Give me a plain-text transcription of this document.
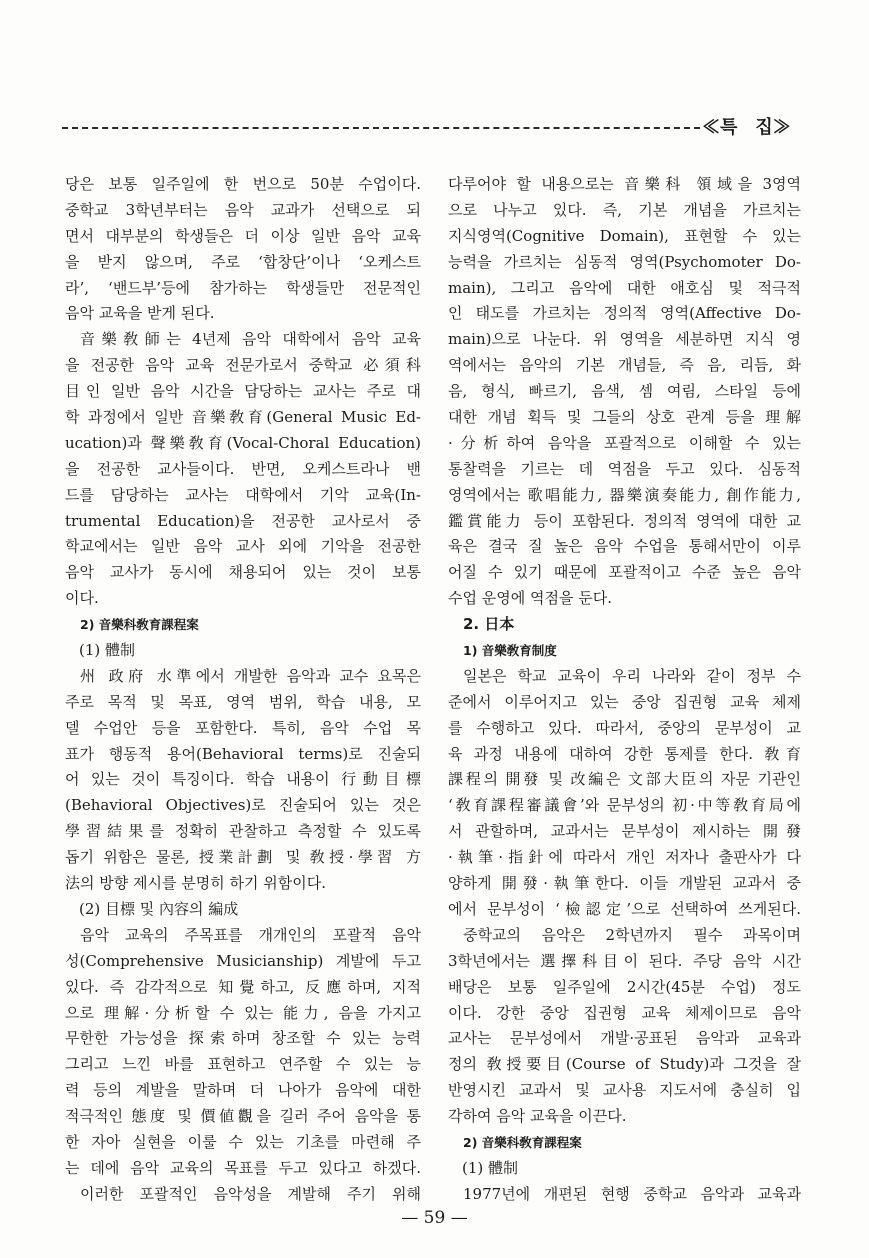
≪특　집≫
당은 보통 일주일에 한 번으로 50분 수업이다.
중학교 3학년부터는 음악 교과가 선택으로 되
면서 대부분의 학생들은 더 이상 일반 음악 교육
을 받지 않으며, 주로 ‘합창단’이나 ‘오케스트
라’, ‘밴드부’등에 참가하는 학생들만 전문적인
음악 교육을 받게 된다.
音樂敎師는 4년제 음악 대학에서 음악 교육
을 전공한 음악 교육 전문가로서 중학교 必須科
目인 일반 음악 시간을 담당하는 교사는 주로 대
학 과정에서 일반 音樂敎育(General Music Ed-
ucation)과 聲樂敎育(Vocal-Choral Education)
을 전공한 교사들이다. 반면, 오케스트라나 밴
드를 담당하는 교사는 대학에서 기악 교육(In-
trumental Education)을 전공한 교사로서 중
학교에서는 일반 음악 교사 외에 기악을 전공한
음악 교사가 동시에 채용되어 있는 것이 보통
이다.
2) 音樂科敎育課程案
(1) 體制
州 政府 水準에서 개발한 음악과 교수 요목은
주로 목적 및 목표, 영역 범위, 학습 내용, 모
델 수업안 등을 포함한다. 특히, 음악 수업 목
표가 행동적 용어(Behavioral terms)로 진술되
어 있는 것이 특징이다. 학습 내용이 行動目標
(Behavioral Objectives)로 진술되어 있는 것은
學習結果를 정확히 관찰하고 측정할 수 있도록
돕기 위함은 물론, 授業計劃 및 敎授·學習 方
法의 방향 제시를 분명히 하기 위함이다.
(2) 目標 및 內容의 編成
음악 교육의 주목표를 개개인의 포괄적 음악
성(Comprehensive Musicianship) 계발에 두고
있다. 즉 감각적으로 知覺하고, 反應하며, 지적
으로 理解·分析할 수 있는 能力, 음을 가지고
무한한 가능성을 探索하며 창조할 수 있는 능력
그리고 느낀 바를 표현하고 연주할 수 있는 능
력 등의 계발을 말하며 더 나아가 음악에 대한
적극적인 態度 및 價値觀을 길러 주어 음악을 통
한 자아 실현을 이룰 수 있는 기초를 마련해 주
는 데에 음악 교육의 목표를 두고 있다고 하겠다.
이러한 포괄적인 음악성을 계발해 주기 위해
다루어야 할 내용으로는 音樂科 領域을 3영역
으로 나누고 있다. 즉, 기본 개념을 가르치는
지식영역(Cognitive Domain), 표현할 수 있는
능력을 가르치는 심동적 영역(Psychomoter Do-
main), 그리고 음악에 대한 애호심 및 적극적
인 태도를 가르치는 정의적 영역(Affective Do-
main)으로 나눈다. 위 영역을 세분하면 지식 영
역에서는 음악의 기본 개념들, 즉 음, 리듬, 화
음, 형식, 빠르기, 음색, 셈 여림, 스타일 등에
대한 개념 획득 및 그들의 상호 관계 등을 理解
·分析하여 음악을 포괄적으로 이해할 수 있는
통찰력을 기르는 데 역점을 두고 있다. 심동적
영역에서는 歌唱能力, 器樂演奏能力, 創作能力,
鑑賞能力 등이 포함된다. 정의적 영역에 대한 교
육은 결국 질 높은 음악 수업을 통해서만이 이루
어질 수 있기 때문에 포괄적이고 수준 높은 음악
수업 운영에 역점을 둔다.
2. 日本
1) 音樂敎育制度
일본은 학교 교육이 우리 나라와 같이 정부 수
준에서 이루어지고 있는 중앙 집권형 교육 체제
를 수행하고 있다. 따라서, 중앙의 문부성이 교
육 과정 내용에 대하여 강한 통제를 한다. 敎育
課程의 開發 및 改編은 文部大臣의 자문 기관인
‘敎育課程審議會’와 문부성의 初·中等敎育局에
서 관할하며, 교과서는 문부성이 제시하는 開發
·執筆·指針에 따라서 개인 저자나 출판사가 다
양하게 開發·執筆한다. 이들 개발된 교과서 중
에서 문부성이 ‘檢認定’으로 선택하여 쓰게된다.
중학교의 음악은 2학년까지 필수 과목이며
3학년에서는 選擇科目이 된다. 주당 음악 시간
배당은 보통 일주일에 2시간(45분 수업) 정도
이다. 강한 중앙 집권형 교육 체제이므로 음악
교사는 문부성에서 개발·공표된 음악과 교육과
정의 敎授要目(Course of Study)과 그것을 잘
반영시킨 교과서 및 교사용 지도서에 충실히 입
각하여 음악 교육을 이끈다.
2) 音樂科敎育課程案
(1) 體制
1977년에 개편된 현행 중학교 음악과 교육과
— 59 —
